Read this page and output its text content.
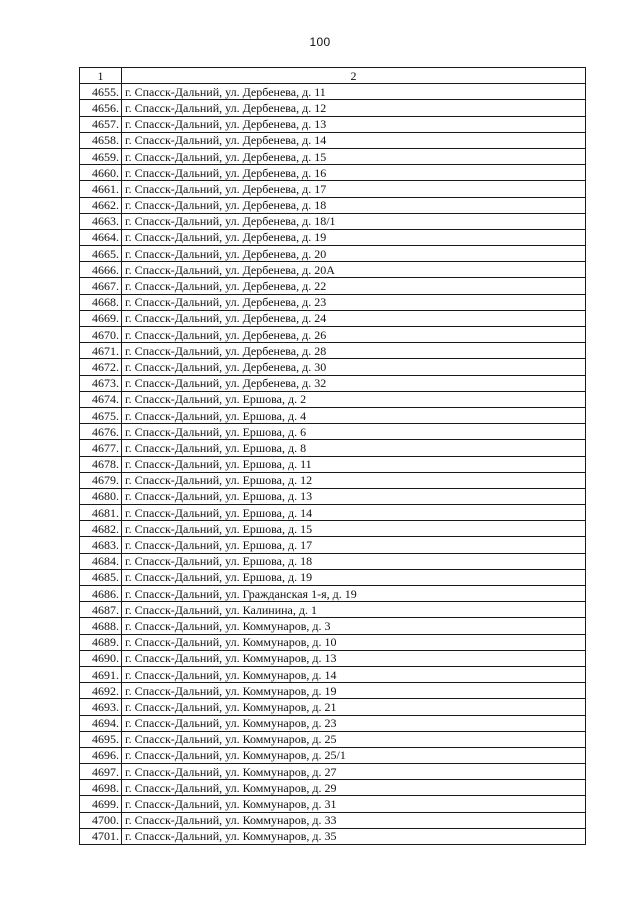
100
1	2
4655.	г. Спасск-Дальний, ул. Дербенева, д. 11
4656.	г. Спасск-Дальний, ул. Дербенева, д. 12
4657.	г. Спасск-Дальний, ул. Дербенева, д. 13
4658.	г. Спасск-Дальний, ул. Дербенева, д. 14
4659.	г. Спасск-Дальний, ул. Дербенева, д. 15
4660.	г. Спасск-Дальний, ул. Дербенева, д. 16
4661.	г. Спасск-Дальний, ул. Дербенева, д. 17
4662.	г. Спасск-Дальний, ул. Дербенева, д. 18
4663.	г. Спасск-Дальний, ул. Дербенева, д. 18/1
4664.	г. Спасск-Дальний, ул. Дербенева, д. 19
4665.	г. Спасск-Дальний, ул. Дербенева, д. 20
4666.	г. Спасск-Дальний, ул. Дербенева, д. 20А
4667.	г. Спасск-Дальний, ул. Дербенева, д. 22
4668.	г. Спасск-Дальний, ул. Дербенева, д. 23
4669.	г. Спасск-Дальний, ул. Дербенева, д. 24
4670.	г. Спасск-Дальний, ул. Дербенева, д. 26
4671.	г. Спасск-Дальний, ул. Дербенева, д. 28
4672.	г. Спасск-Дальний, ул. Дербенева, д. 30
4673.	г. Спасск-Дальний, ул. Дербенева, д. 32
4674.	г. Спасск-Дальний, ул. Ершова, д. 2
4675.	г. Спасск-Дальний, ул. Ершова, д. 4
4676.	г. Спасск-Дальний, ул. Ершова, д. 6
4677.	г. Спасск-Дальний, ул. Ершова, д. 8
4678.	г. Спасск-Дальний, ул. Ершова, д. 11
4679.	г. Спасск-Дальний, ул. Ершова, д. 12
4680.	г. Спасск-Дальний, ул. Ершова, д. 13
4681.	г. Спасск-Дальний, ул. Ершова, д. 14
4682.	г. Спасск-Дальний, ул. Ершова, д. 15
4683.	г. Спасск-Дальний, ул. Ершова, д. 17
4684.	г. Спасск-Дальний, ул. Ершова, д. 18
4685.	г. Спасск-Дальний, ул. Ершова, д. 19
4686.	г. Спасск-Дальний, ул. Гражданская 1-я, д. 19
4687.	г. Спасск-Дальний, ул. Калинина, д. 1
4688.	г. Спасск-Дальний, ул. Коммунаров, д. 3
4689.	г. Спасск-Дальний, ул. Коммунаров, д. 10
4690.	г. Спасск-Дальний, ул. Коммунаров, д. 13
4691.	г. Спасск-Дальний, ул. Коммунаров, д. 14
4692.	г. Спасск-Дальний, ул. Коммунаров, д. 19
4693.	г. Спасск-Дальний, ул. Коммунаров, д. 21
4694.	г. Спасск-Дальний, ул. Коммунаров, д. 23
4695.	г. Спасск-Дальний, ул. Коммунаров, д. 25
4696.	г. Спасск-Дальний, ул. Коммунаров, д. 25/1
4697.	г. Спасск-Дальний, ул. Коммунаров, д. 27
4698.	г. Спасск-Дальний, ул. Коммунаров, д. 29
4699.	г. Спасск-Дальний, ул. Коммунаров, д. 31
4700.	г. Спасск-Дальний, ул. Коммунаров, д. 33
4701.	г. Спасск-Дальний, ул. Коммунаров, д. 35
